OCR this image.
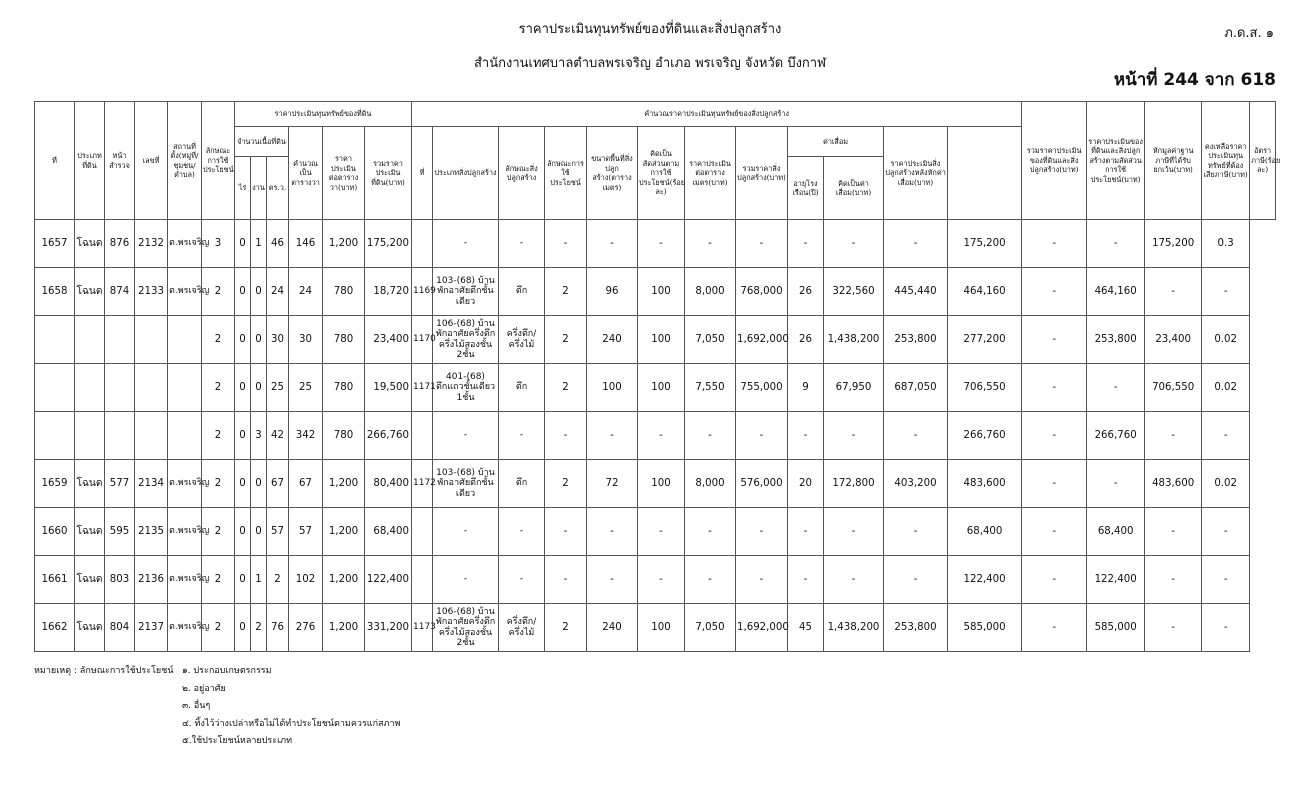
ราคาประเมินทุนทรัพย์ของที่ดินและสิ่งปลูกสร้าง
สำนักงานเทศบาลตำบลพรเจริญ อำเภอ พรเจริญ จังหวัด บึงกาฬ
ภ.ด.ส. ๑
หน้าที่ 244 จาก 618
ที่	ประเภทที่ดิน	หน้าสำรวจ	เลขที่	สถานที่ตั้ง(หมู่ที่/ชุมชน/ตำบล)	ลักษณะการใช้ประโยชน์	ราคาประเมินทุนทรัพย์ของที่ดิน						คำนวณราคาประเมินทุนทรัพย์ของสิ่งปลูกสร้าง												รวมราคาประเมินของที่ดินและสิ่งปลูกสร้าง(บาท)	ราคาประเมินของที่ดินและสิ่งปลูกสร้างตามสัดส่วนการใช้ประโยชน์(บาท)	หักมูลค่าฐานภาษีที่ได้รับยกเว้น(บาท)	คงเหลือราคาประเมินทุนทรัพย์ที่ต้องเสียภาษี(บาท)	อัตราภาษี(ร้อยละ)
						จำนวนเนื้อที่ดิน			คำนวณเป็นตารางวา	ราคาประเมินต่อตารางวา(บาท)	รวมราคาประเมินที่ดิน(บาท)	ที่	ประเภทสิ่งปลูกสร้าง	ลักษณะสิ่งปลูกสร้าง	ลักษณะการใช้ประโยชน์	ขนาดพื้นที่สิ่งปลูกสร้าง(ตารางเมตร)	คิดเป็นสัดส่วนตามการใช้ประโยชน์(ร้อยละ)	ราคาประเมินต่อตารางเมตร(บาท)	รวมราคาสิ่งปลูกสร้าง(บาท)	ค่าเสื่อม		ราคาประเมินสิ่งปลูกสร้างหลังหักค่าเสื่อม(บาท)						
						ไร่	งาน	ตร.ว.												อายุโรงเรือน(ปี)	คิดเป็นค่าเสื่อม(บาท)							
1657	โฉนด	876	2132	ต.พรเจริญ	3	0	1	46	146	1,200	175,200		-	-	-	-	-	-	-	-	-	-	175,200	-	-	175,200	0.3	
1658	โฉนด	874	2133	ต.พรเจริญ	2	0	0	24	24	780	18,720	1169	103-(68) บ้านพักอาศัยตึกชั้นเดียว	ตึก	2	96	100	8,000	768,000	26	322,560	445,440	464,160	-	464,160	-	-	
					2	0	0	30	30	780	23,400	1170	106-(68) บ้านพักอาศัยครึ่งตึกครึ่งไม้สองชั้น 2ชั้น	ครึ่งตึก/ครึ่งไม้	2	240	100	7,050	1,692,000	26	1,438,200	253,800	277,200	-	253,800	23,400	0.02	
					2	0	0	25	25	780	19,500	1171	401-(68) ตึกแถวชั้นเดียว 1ชั้น	ตึก	2	100	100	7,550	755,000	9	67,950	687,050	706,550	-	-	706,550	0.02	
					2	0	3	42	342	780	266,760		-	-	-	-	-	-	-	-	-	-	266,760	-	266,760	-	-	
1659	โฉนด	577	2134	ต.พรเจริญ	2	0	0	67	67	1,200	80,400	1172	103-(68) บ้านพักอาศัยตึกชั้นเดียว	ตึก	2	72	100	8,000	576,000	20	172,800	403,200	483,600	-	-	483,600	0.02	
1660	โฉนด	595	2135	ต.พรเจริญ	2	0	0	57	57	1,200	68,400		-	-	-	-	-	-	-	-	-	-	68,400	-	68,400	-	-	
1661	โฉนด	803	2136	ต.พรเจริญ	2	0	1	2	102	1,200	122,400		-	-	-	-	-	-	-	-	-	-	122,400	-	122,400	-	-	
1662	โฉนด	804	2137	ต.พรเจริญ	2	0	2	76	276	1,200	331,200	1173	106-(68) บ้านพักอาศัยครึ่งตึกครึ่งไม้สองชั้น 2ชั้น	ครึ่งตึก/ครึ่งไม้	2	240	100	7,050	1,692,000	45	1,438,200	253,800	585,000	-	585,000	-	-	
หมายเหตุ : ลักษณะการใช้ประโยชน์ ๑. ประกอบเกษตรกรรม
๒. อยู่อาศัย
๓. อื่นๆ
๔. ทิ้งไว้ว่างเปล่าหรือไม่ได้ทำประโยชน์ตามควรแก่สภาพ
๕.ใช้ประโยชน์หลายประเภท
